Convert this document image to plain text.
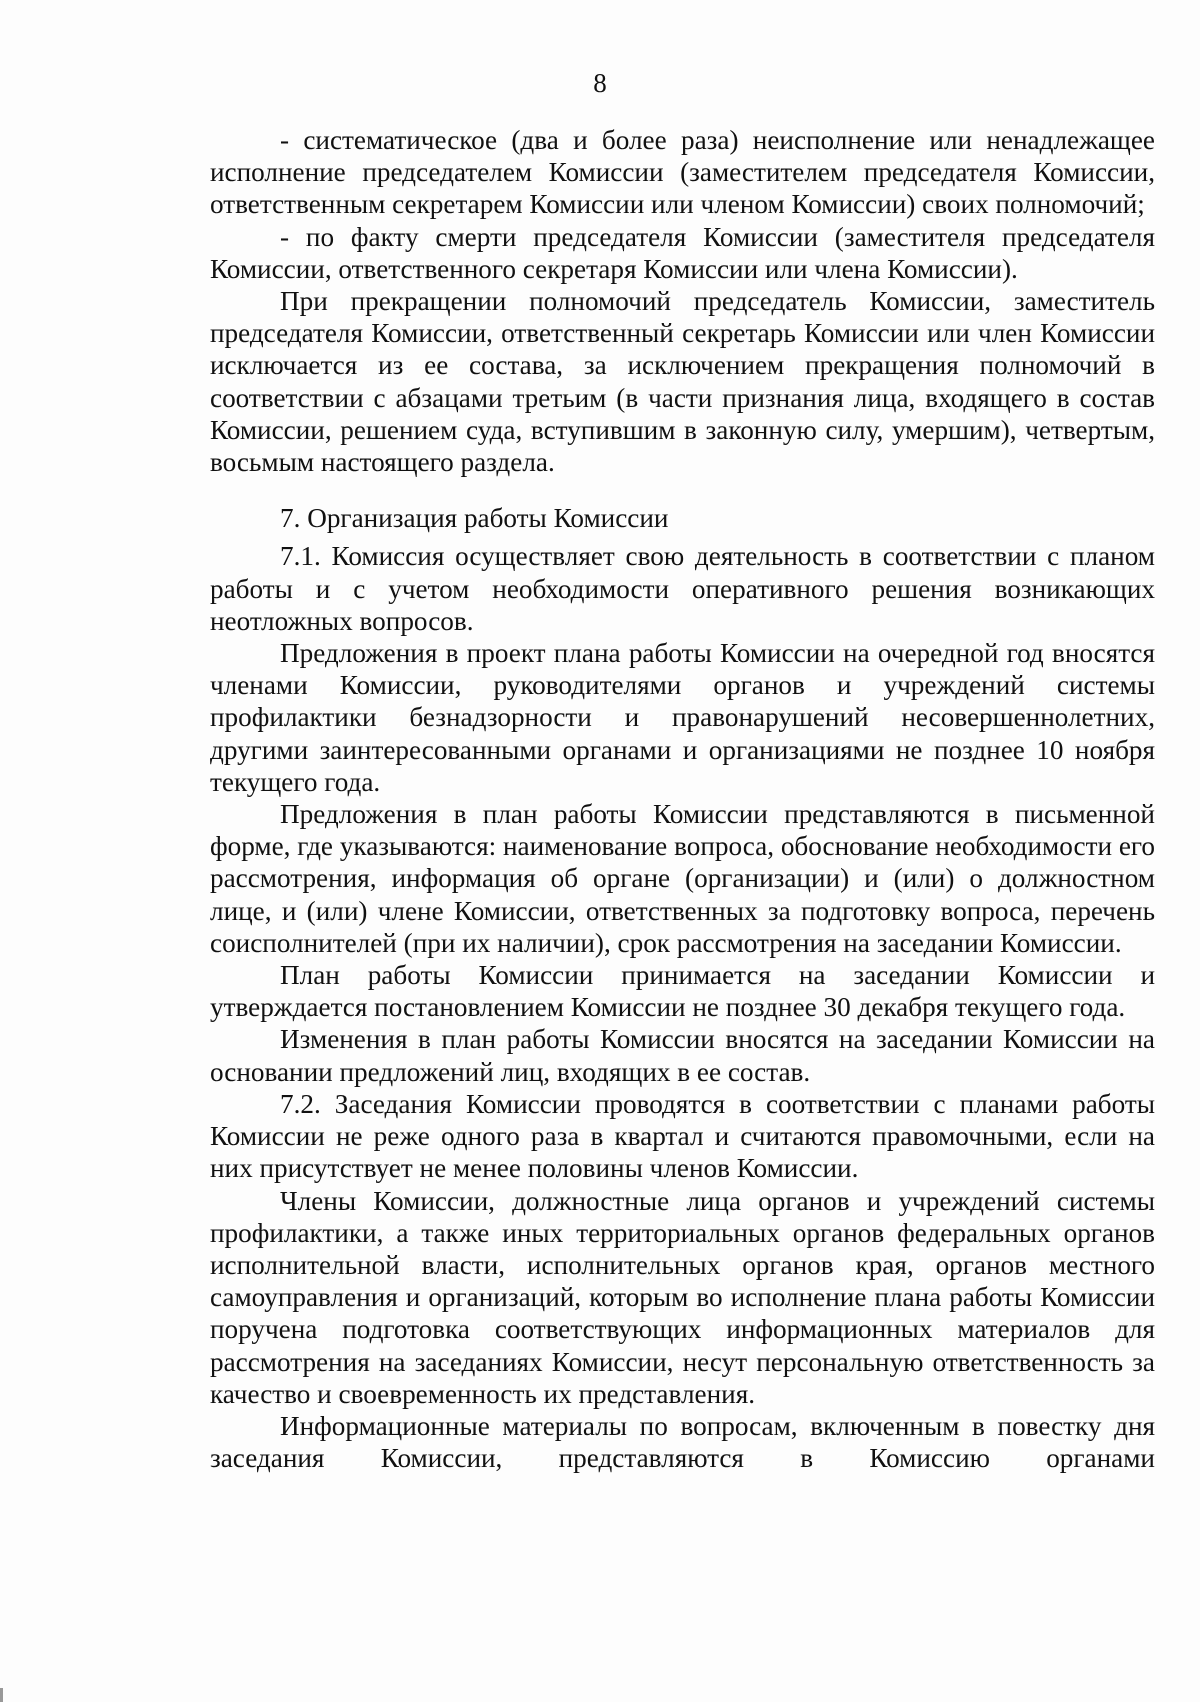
8

- систематическое (два и более раза) неисполнение или ненадлежащее исполнение председателем Комиссии (заместителем председателя Комиссии, ответственным секретарем Комиссии или членом Комиссии) своих полномочий;

- по факту смерти председателя Комиссии (заместителя председателя Комиссии, ответственного секретаря Комиссии или члена Комиссии).

При прекращении полномочий председатель Комиссии, заместитель председателя Комиссии, ответственный секретарь Комиссии или член Комиссии исключается из ее состава, за исключением прекращения полномочий в соответствии с абзацами третьим (в части признания лица, входящего в состав Комиссии, решением суда, вступившим в законную силу, умершим), четвертым, восьмым настоящего раздела.

7. Организация работы Комиссии

7.1. Комиссия осуществляет свою деятельность в соответствии с планом работы и с учетом необходимости оперативного решения возникающих неотложных вопросов.

Предложения в проект плана работы Комиссии на очередной год вносятся членами Комиссии, руководителями органов и учреждений системы профилактики безнадзорности и правонарушений несовершеннолетних, другими заинтересованными органами и организациями не позднее 10 ноября текущего года.

Предложения в план работы Комиссии представляются в письменной форме, где указываются: наименование вопроса, обоснование необходимости его рассмотрения, информация об органе (организации) и (или) о должностном лице, и (или) члене Комиссии, ответственных за подготовку вопроса, перечень соисполнителей (при их наличии), срок рассмотрения на заседании Комиссии.

План работы Комиссии принимается на заседании Комиссии и утверждается постановлением Комиссии не позднее 30 декабря текущего года.

Изменения в план работы Комиссии вносятся на заседании Комиссии на основании предложений лиц, входящих в ее состав.

7.2. Заседания Комиссии проводятся в соответствии с планами работы Комиссии не реже одного раза в квартал и считаются правомочными, если на них присутствует не менее половины членов Комиссии.

Члены Комиссии, должностные лица органов и учреждений системы профилактики, а также иных территориальных органов федеральных органов исполнительной власти, исполнительных органов края, органов местного самоуправления и организаций, которым во исполнение плана работы Комиссии поручена подготовка соответствующих информационных материалов для рассмотрения на заседаниях Комиссии, несут персональную ответственность за качество и своевременность их представления.

Информационные материалы по вопросам, включенным в повестку дня заседания Комиссии, представляются в Комиссию органами
